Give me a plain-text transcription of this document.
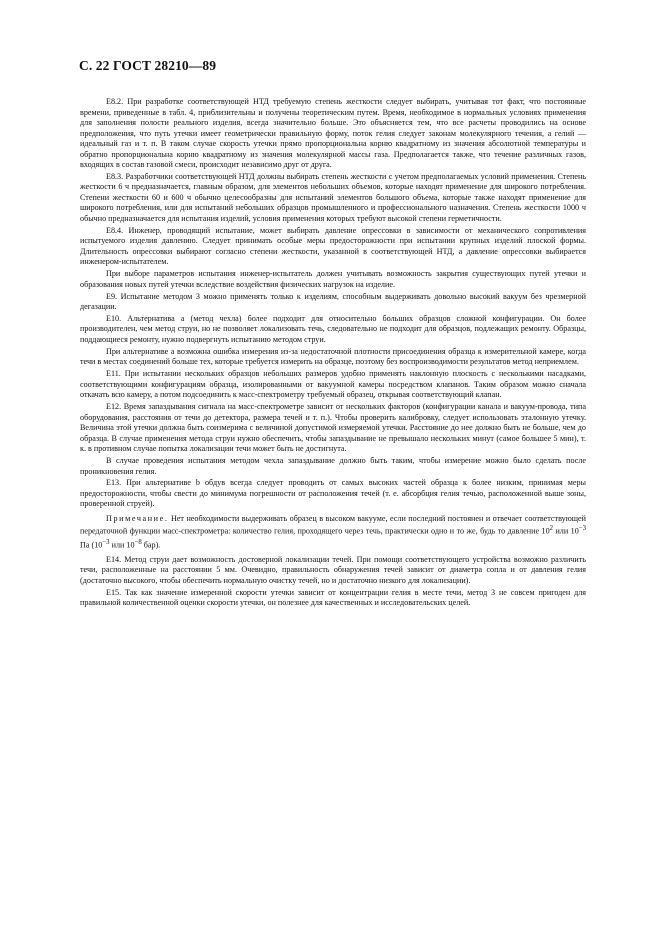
С. 22 ГОСТ 28210—89

Е8.2. При разработке соответствующей НТД требуемую степень жесткости следует выбирать, учитывая тот факт, что постоянные времени, приведенные в табл. 4, приблизительны и получены теоретическим путем. Время, необходимое в нормальных условиях применения для заполнения полости реального изделия, всегда значительно больше. Это объясняется тем, что все расчеты проводились на основе предположения, что путь утечки имеет геометрически правильную форму, поток гелия следует законам молекулярного течения, а гелий — идеальный газ и т. п. В таком случае скорость утечки прямо пропорциональна корню квадратному из значения абсолютной температуры и обратно пропорциональна корню квадратному из значения молекулярной массы газа. Предполагается также, что течение различных газов, входящих в состав газовой смеси, происходит независимо друг от друга.

Е8.3. Разработчики соответствующей НТД должны выбирать степень жесткости с учетом предполагаемых условий применения. Степень жесткости 6 ч предназначается, главным образом, для элементов небольших объемов, которые находят применение для широкого потребления. Степени жесткости 60 и 600 ч обычно целесообразны для испытаний элементов большого объема, которые также находят применение для широкого потребления, или для испытаний небольших образцов промышленного и профессионального назначения. Степень жесткости 1000 ч обычно предназначается для испытания изделий, условия применения которых требуют высокой степени герметичности.

Е8.4. Инженер, проводящий испытание, может выбирать давление опрессовки в зависимости от механического сопротивления испытуемого изделия давлению. Следует принимать особые меры предосторожности при испытании крупных изделий плоской формы. Длительность опрессовки выбирают согласно степени жесткости, указанной в соответствующей НТД, а давление опрессовки выбирается инженером-испытателем.

При выборе параметров испытания инженер-испытатель должен учитывать возможность закрытия существующих путей утечки и образования новых путей утечки вследствие воздействия физических нагрузок на изделие.

Е9. Испытание методом 3 можно применять только к изделиям, способным выдерживать довольно высокий вакуум без чрезмерной дегазации.

Е10. Альтернатива а (метод чехла) более подходит для относительно больших образцов сложной конфигурации. Он более производителен, чем метод струи, но не позволяет локализовать течь, следовательно не подходит для образцов, подлежащих ремонту. Образцы, поддающиеся ремонту, нужно подвергнуть испытанию методом струи.

При альтернативе а возможна ошибка измерения из-за недостаточной плотности присоединения образца к измерительной камере, когда течи в местах соединений больше тех, которые требуется измерить на образце, поэтому без воспроизводимости результатов метод неприемлем.

Е11. При испытании нескольких образцов небольших размеров удобно применять наклонную плоскость с несколькими насадками, соответствующими конфигурациям образца, изолированными от вакуумной камеры посредством клапанов. Таким образом можно сначала откачать всю камеру, а потом подсоединить к масс-спектрометру требуемый образец, открывая соответствующий клапан.

Е12. Время запаздывания сигнала на масс-спектрометре зависит от нескольких факторов (конфигурации канала и вакуум-провода, типа оборудования, расстояния от течи до детектора, размера течей и т. п.). Чтобы проверить калибровку, следует использовать эталонную утечку. Величина этой утечки должна быть соизмерима с величиной допустимой измеряемой утечки. Расстояние до нее должно быть не больше, чем до образца. В случае применения метода струи нужно обеспечить, чтобы запаздывание не превышало нескольких минут (самое большее 5 мин), т. к. в противном случае попытка локализации течи может быть не достигнута.

В случае проведения испытания методом чехла запаздывание должно быть таким, чтобы измерение можно было сделать после проникновения гелия.

Е13. При альтернативе b обдув всегда следует проводить от самых высоких частей образца к более низким, принимая меры предосторожности, чтобы свести до минимума погрешности от расположения течей (т. е. абсорбция гелия течью, расположенной выше зоны, проверенной струей).

Примечание. Нет необходимости выдерживать образец в высоком вакууме, если последний постоянен и отвечает соответствующей передаточной функции масс-спектрометра: количество гелия, проходящего через течь, практически одно и то же, будь то давление $10^2$ или $10^{-3}$ Па ($10^{-3}$ или $10^{-8}$ бар).

Е14. Метод струи дает возможность достоверной локализации течей. При помощи соответствующего устройства возможно различить течи, расположенные на расстоянии 5 мм. Очевидно, правильность обнаружения течей зависит от диаметра сопла и от давления гелия (достаточно высокого, чтобы обеспечить нормальную очистку течей, но и достаточно низкого для локализации).

Е15. Так как значение измеренной скорости утечки зависит от концентрации гелия в месте течи, метод 3 не совсем пригоден для правильной количественной оценки скорости утечки, он полезнее для качественных и исследовательских целей.
